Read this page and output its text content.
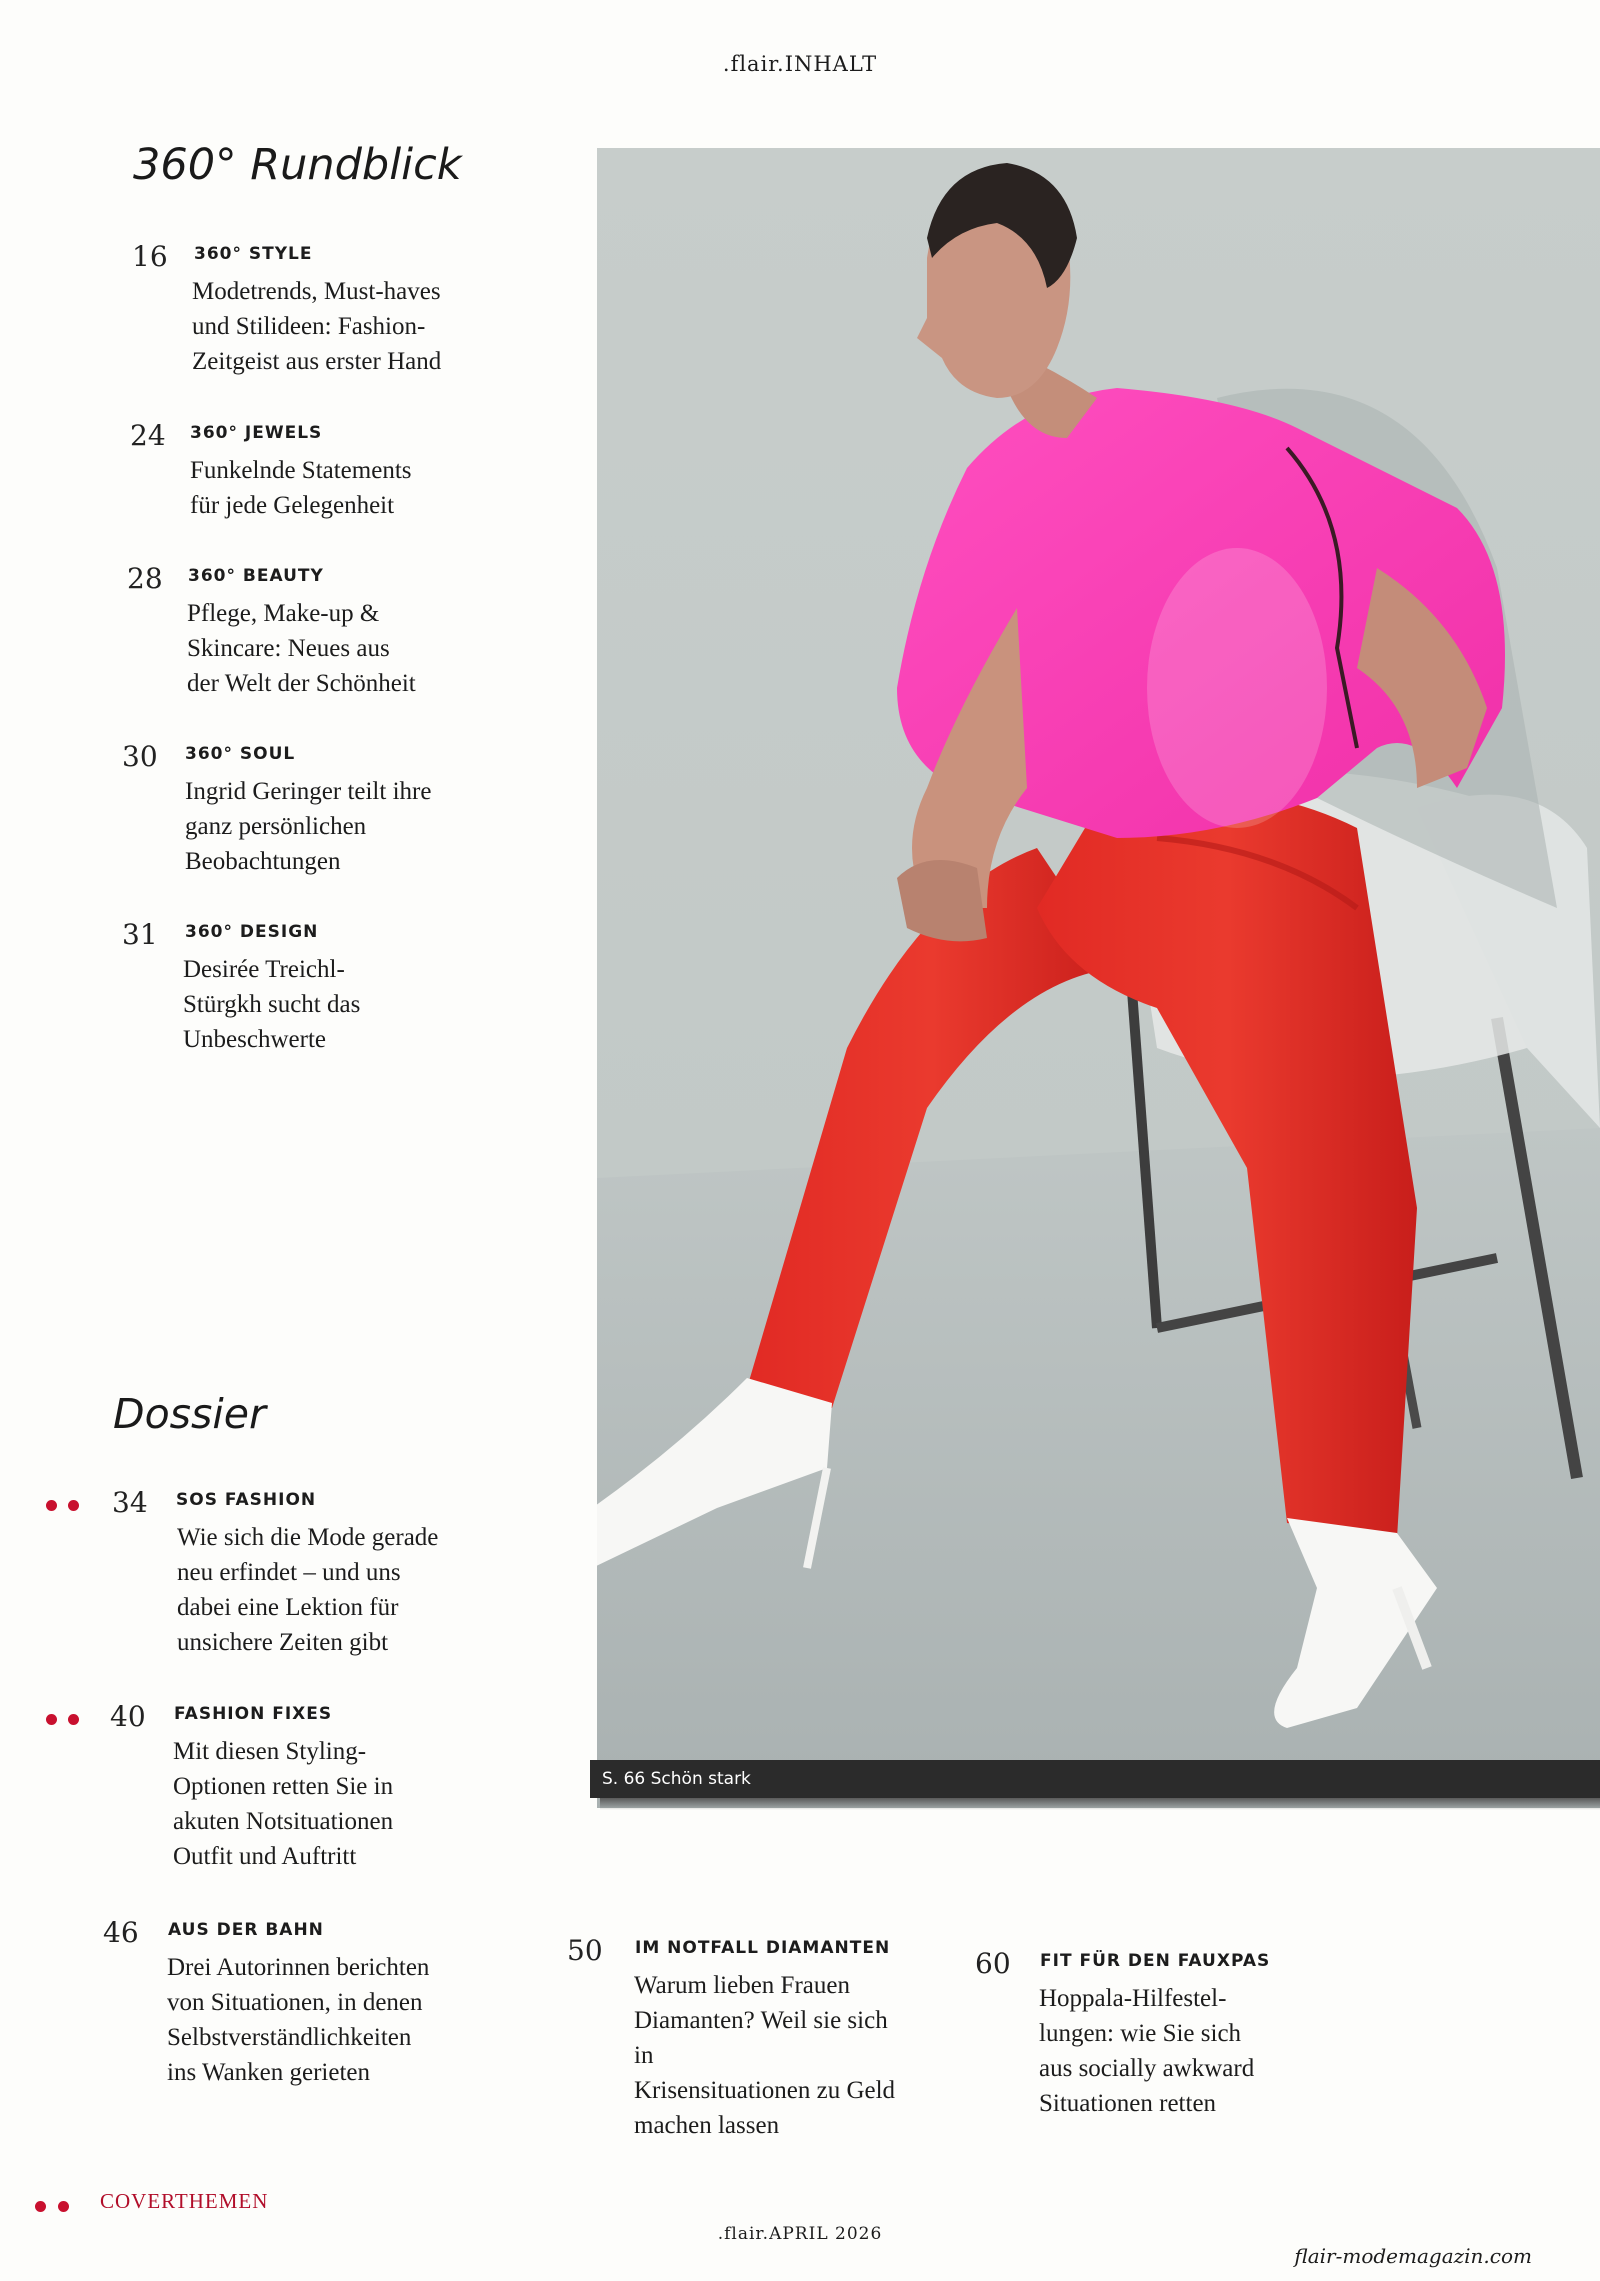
.flair.INHALT
360° Rundblick
16 360° STYLE
Modetrends, Must-haves
und Stilideen: Fashion-
Zeitgeist aus erster Hand
24 360° JEWELS
Funkelnde Statements
für jede Gelegenheit
28 360° BEAUTY
Pflege, Make-up &
Skincare: Neues aus
der Welt der Schönheit
30 360° SOUL
Ingrid Geringer teilt ihre
ganz persönlichen
Beobachtungen
31 360° DESIGN
Desirée Treichl-
Stürgkh sucht das
Unbeschwerte
Dossier
34 SOS FASHION
Wie sich die Mode gerade
neu erfindet – und uns
dabei eine Lektion für
unsichere Zeiten gibt
40 FASHION FIXES
Mit diesen Styling-
Optionen retten Sie in
akuten Notsituationen
Outfit und Auftritt
46 AUS DER BAHN
Drei Autorinnen berichten
von Situationen, in denen
Selbstverständlichkeiten
ins Wanken gerieten
50 IM NOTFALL DIAMANTEN
Warum lieben Frauen
Diamanten? Weil sie sich in
Krisensituationen zu Geld
machen lassen
60 FIT FÜR DEN FAUXPAS
Hoppala-Hilfestel-
lungen: wie Sie sich
aus socially awkward
Situationen retten
S. 66 Schön stark
COVERTHEMEN
.flair.APRIL 2026
flair-modemagazin.com
